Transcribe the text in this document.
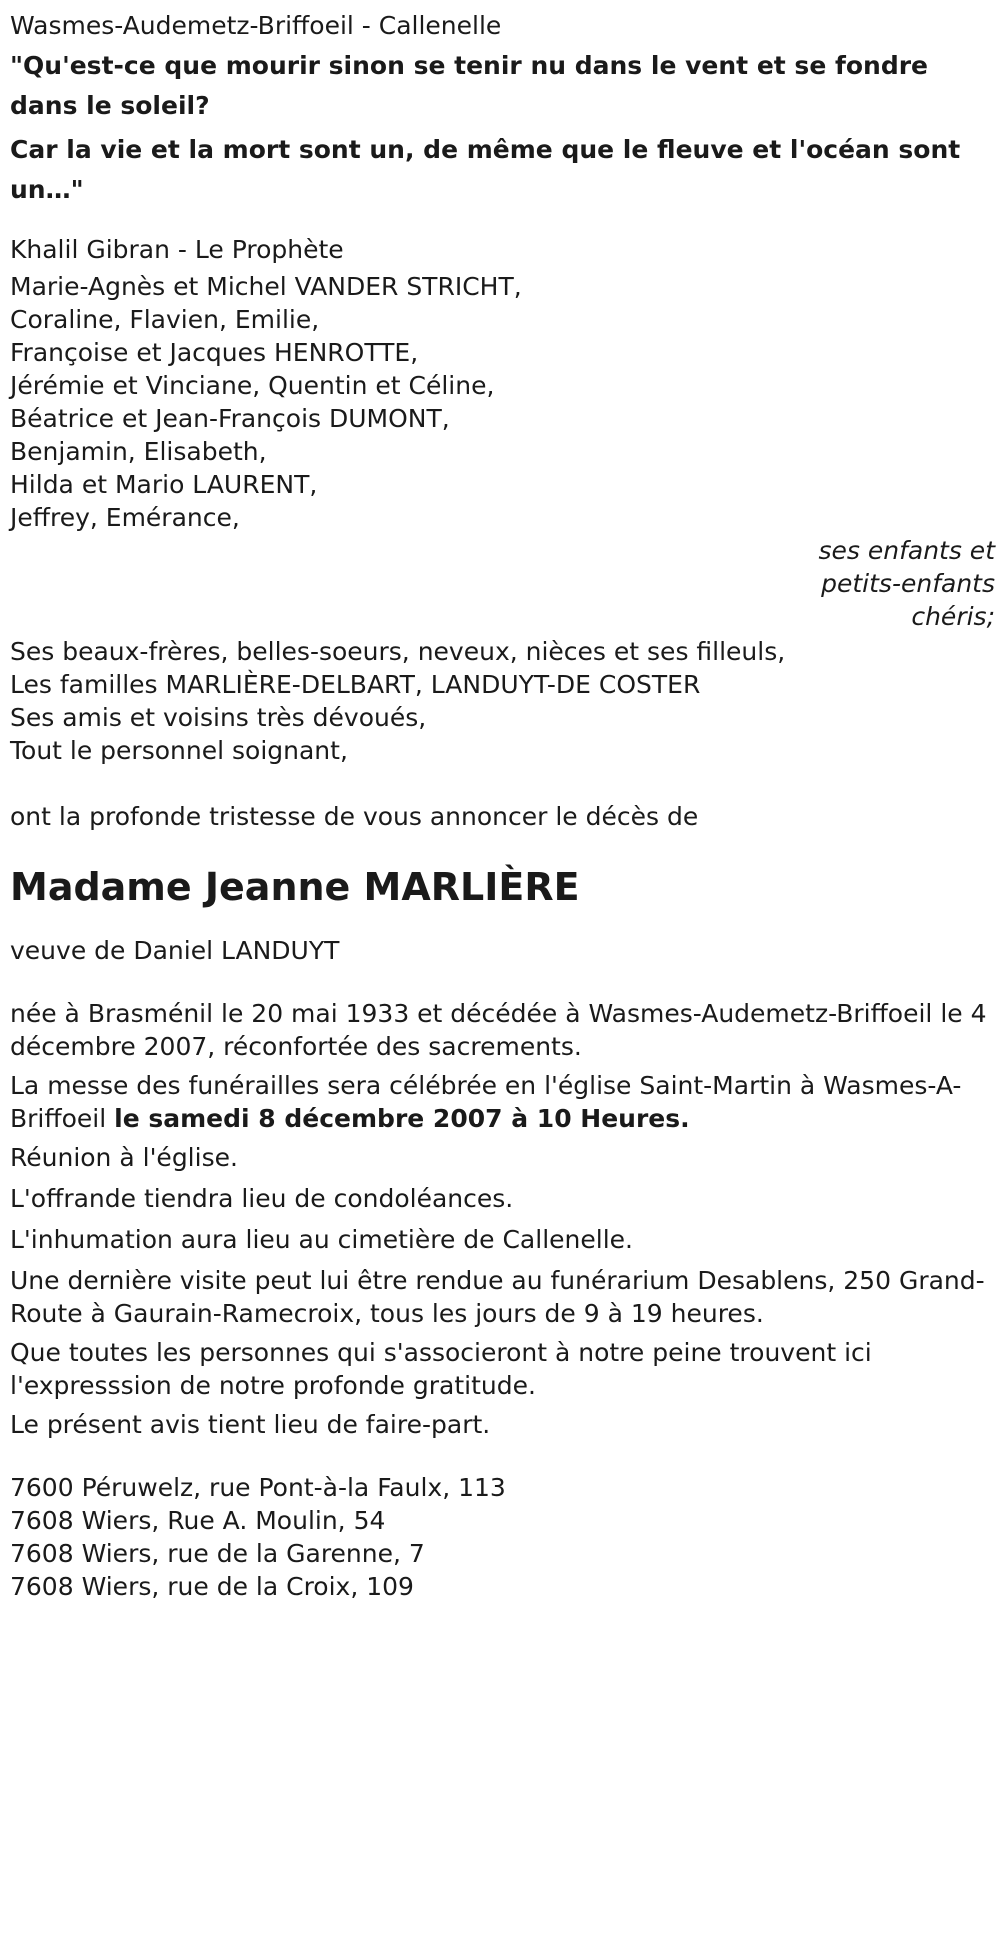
Wasmes-Audemetz-Briffoeil - Callenelle
"Qu'est-ce que mourir sinon se tenir nu dans le vent et se fondre dans le soleil?
Car la vie et la mort sont un, de même que le fleuve et l'océan sont un…"
Khalil Gibran - Le Prophète
Marie-Agnès et Michel VANDER STRICHT,
Coraline, Flavien, Emilie,
Françoise et Jacques HENROTTE,
Jérémie et Vinciane, Quentin et Céline,
Béatrice et Jean-François DUMONT,
Benjamin, Elisabeth,
Hilda et Mario LAURENT,
Jeffrey, Emérance,
ses enfants et
petits-enfants
chéris;
Ses beaux-frères, belles-soeurs, neveux, nièces et ses filleuls,
Les familles MARLIÈRE-DELBART, LANDUYT-DE COSTER
Ses amis et voisins très dévoués,
Tout le personnel soignant,
ont la profonde tristesse de vous annoncer le décès de
Madame Jeanne MARLIÈRE
veuve de Daniel LANDUYT
née à Brasménil le 20 mai 1933 et décédée à Wasmes-Audemetz-Briffoeil le 4 décembre 2007, réconfortée des sacrements.
La messe des funérailles sera célébrée en l'église Saint-Martin à Wasmes-A-Briffoeil le samedi 8 décembre 2007 à 10 Heures.
Réunion à l'église.
L'offrande tiendra lieu de condoléances.
L'inhumation aura lieu au cimetière de Callenelle.
Une dernière visite peut lui être rendue au funérarium Desablens, 250 Grand-Route à Gaurain-Ramecroix, tous les jours de 9 à 19 heures.
Que toutes les personnes qui s'associeront à notre peine trouvent ici l'expresssion de notre profonde gratitude.
Le présent avis tient lieu de faire-part.
7600 Péruwelz, rue Pont-à-la Faulx, 113
7608 Wiers, Rue A. Moulin, 54
7608 Wiers, rue de la Garenne, 7
7608 Wiers, rue de la Croix, 109
